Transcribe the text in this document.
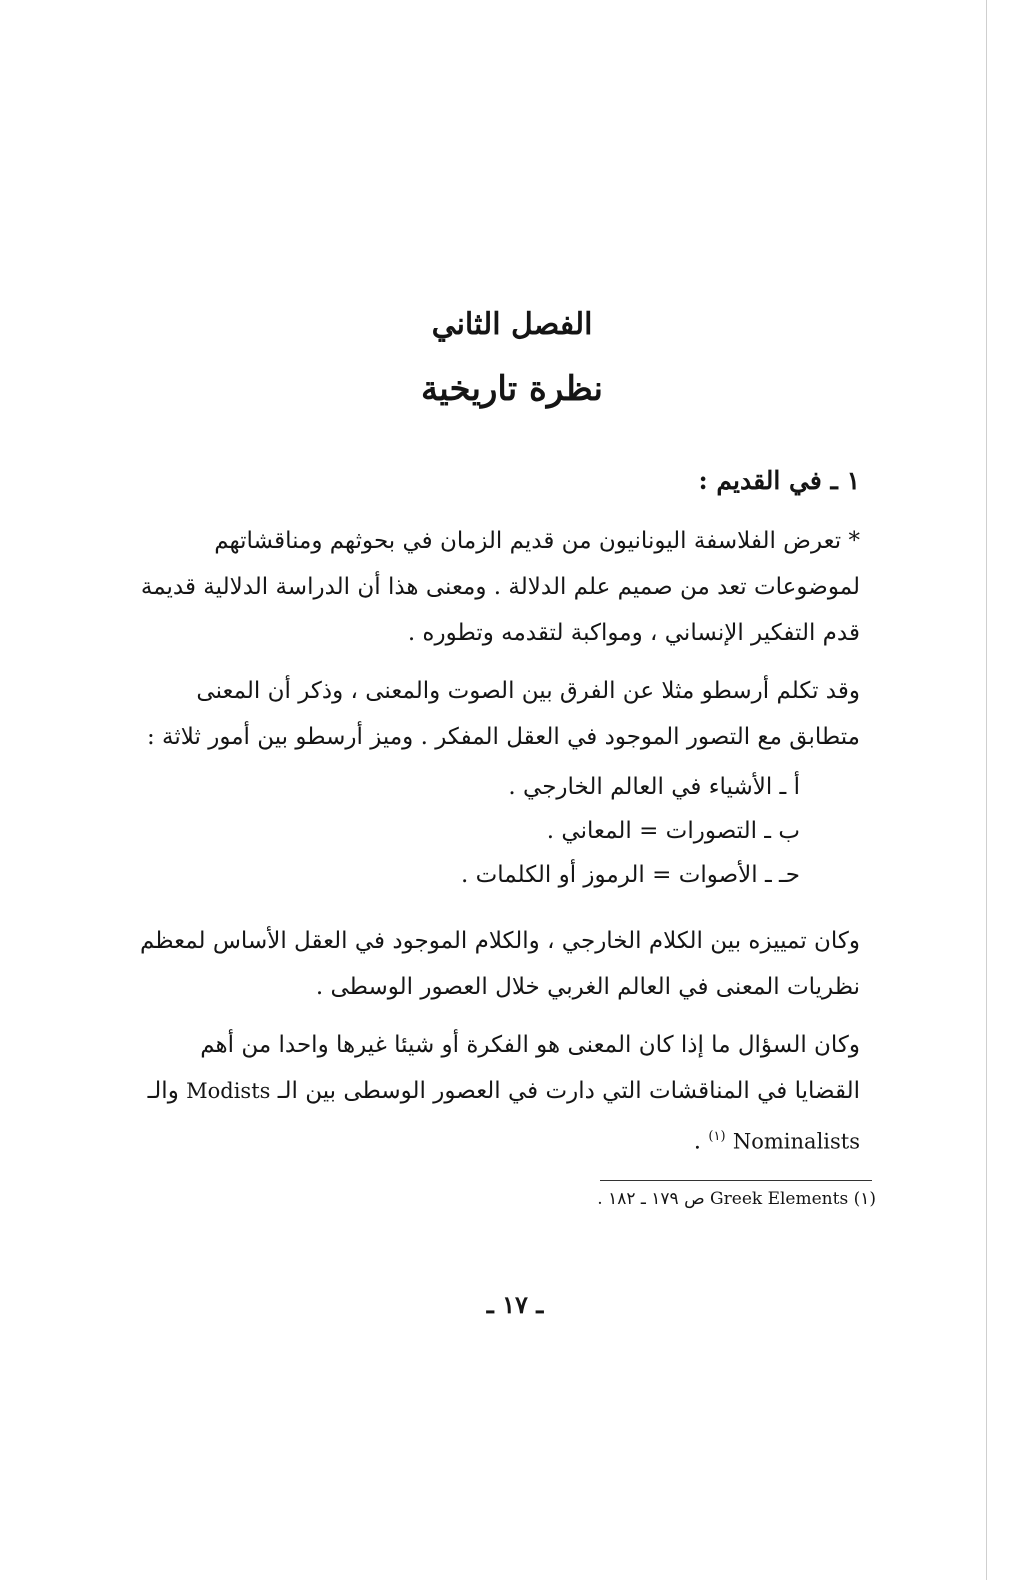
الفصل الثاني
نظرة تاريخية
١ ـ في القديم :
* تعرض الفلاسفة اليونانيون من قديم الزمان في بحوثهم ومناقشاتهم
لموضوعات تعد من صميم علم الدلالة . ومعنى هذا أن الدراسة الدلالية قديمة
قدم التفكير الإنساني ، ومواكبة لتقدمه وتطوره .
وقد تكلم أرسطو مثلا عن الفرق بين الصوت والمعنى ، وذكر أن المعنى
متطابق مع التصور الموجود في العقل المفكر . وميز أرسطو بين أمور ثلاثة :
أ ـ الأشياء في العالم الخارجي .
ب ـ التصورات = المعاني .
حـ ـ الأصوات = الرموز أو الكلمات .
وكان تمييزه بين الكلام الخارجي ، والكلام الموجود في العقل الأساس لمعظم
نظريات المعنى في العالم الغربي خلال العصور الوسطى .
وكان السؤال ما إذا كان المعنى هو الفكرة أو شيئا غيرها واحدا من أهم
القضايا في المناقشات التي دارت في العصور الوسطى بين الـ Modists والـ
Nominalists $^{(١)}$ .
(١) Greek Elements ص ١٧٩ ـ ١٨٢ .
ـ ١٧ ـ
